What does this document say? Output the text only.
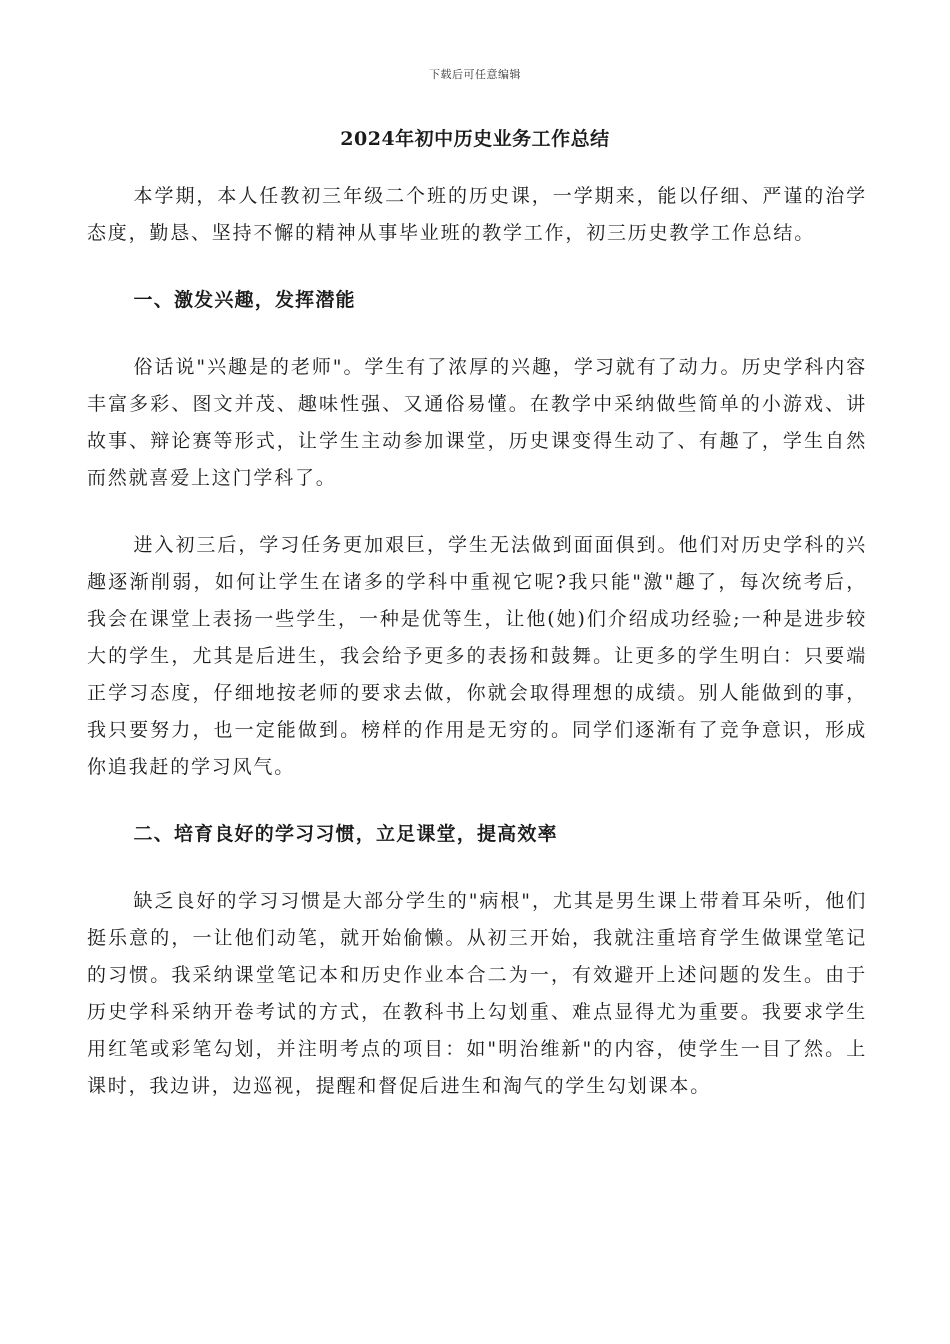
下载后可任意编辑
2024年初中历史业务工作总结

本学期，本人任教初三年级二个班的历史课，一学期来，能以仔细、严谨的治学态度，勤恳、坚持不懈的精神从事毕业班的教学工作，初三历史教学工作总结。

一、激发兴趣，发挥潜能

俗话说"兴趣是的老师"。学生有了浓厚的兴趣，学习就有了动力。历史学科内容丰富多彩、图文并茂、趣味性强、又通俗易懂。在教学中采纳做些简单的小游戏、讲故事、辩论赛等形式，让学生主动参加课堂，历史课变得生动了、有趣了，学生自然而然就喜爱上这门学科了。

进入初三后，学习任务更加艰巨，学生无法做到面面俱到。他们对历史学科的兴趣逐渐削弱，如何让学生在诸多的学科中重视它呢?我只能"激"趣了，每次统考后，我会在课堂上表扬一些学生，一种是优等生，让他(她)们介绍成功经验;一种是进步较大的学生，尤其是后进生，我会给予更多的表扬和鼓舞。让更多的学生明白：只要端正学习态度，仔细地按老师的要求去做，你就会取得理想的成绩。别人能做到的事，我只要努力，也一定能做到。榜样的作用是无穷的。同学们逐渐有了竞争意识，形成你追我赶的学习风气。

二、培育良好的学习习惯，立足课堂，提高效率

缺乏良好的学习习惯是大部分学生的"病根"，尤其是男生课上带着耳朵听，他们挺乐意的，一让他们动笔，就开始偷懒。从初三开始，我就注重培育学生做课堂笔记的习惯。我采纳课堂笔记本和历史作业本合二为一，有效避开上述问题的发生。由于历史学科采纳开卷考试的方式，在教科书上勾划重、难点显得尤为重要。我要求学生用红笔或彩笔勾划，并注明考点的项目：如"明治维新"的内容，使学生一目了然。上课时，我边讲，边巡视，提醒和督促后进生和淘气的学生勾划课本。
